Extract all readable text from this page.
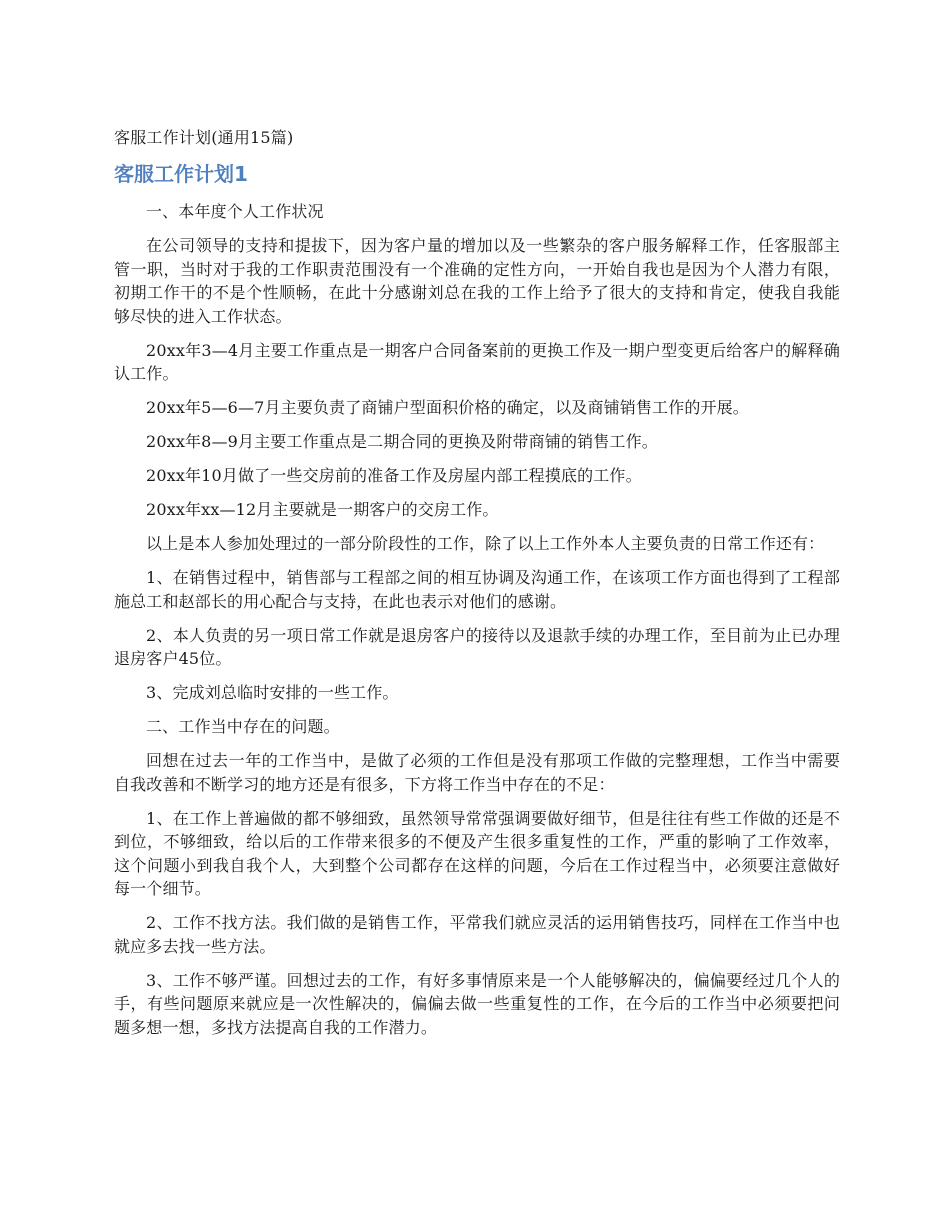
客服工作计划(通用15篇)
客服工作计划1

一、本年度个人工作状况

在公司领导的支持和提拔下，因为客户量的增加以及一些繁杂的客户服务解释工作，任客服部主管一职，当时对于我的工作职责范围没有一个准确的定性方向，一开始自我也是因为个人潜力有限，初期工作干的不是个性顺畅，在此十分感谢刘总在我的工作上给予了很大的支持和肯定，使我自我能够尽快的进入工作状态。

20xx年3—4月主要工作重点是一期客户合同备案前的更换工作及一期户型变更后给客户的解释确认工作。

20xx年5—6—7月主要负责了商铺户型面积价格的确定，以及商铺销售工作的开展。

20xx年8—9月主要工作重点是二期合同的更换及附带商铺的销售工作。

20xx年10月做了一些交房前的准备工作及房屋内部工程摸底的工作。

20xx年xx—12月主要就是一期客户的交房工作。

以上是本人参加处理过的一部分阶段性的工作，除了以上工作外本人主要负责的日常工作还有：

1、在销售过程中，销售部与工程部之间的相互协调及沟通工作，在该项工作方面也得到了工程部施总工和赵部长的用心配合与支持，在此也表示对他们的感谢。

2、本人负责的另一项日常工作就是退房客户的接待以及退款手续的办理工作，至目前为止已办理退房客户45位。

3、完成刘总临时安排的一些工作。

二、工作当中存在的问题。

回想在过去一年的工作当中，是做了必须的工作但是没有那项工作做的完整理想，工作当中需要自我改善和不断学习的地方还是有很多，下方将工作当中存在的不足：

1、在工作上普遍做的都不够细致，虽然领导常常强调要做好细节，但是往往有些工作做的还是不到位，不够细致，给以后的工作带来很多的不便及产生很多重复性的工作，严重的影响了工作效率，这个问题小到我自我个人，大到整个公司都存在这样的问题，今后在工作过程当中，必须要注意做好每一个细节。

2、工作不找方法。我们做的是销售工作，平常我们就应灵活的运用销售技巧，同样在工作当中也就应多去找一些方法。

3、工作不够严谨。回想过去的工作，有好多事情原来是一个人能够解决的，偏偏要经过几个人的手，有些问题原来就应是一次性解决的，偏偏去做一些重复性的工作，在今后的工作当中必须要把问题多想一想，多找方法提高自我的工作潜力。
